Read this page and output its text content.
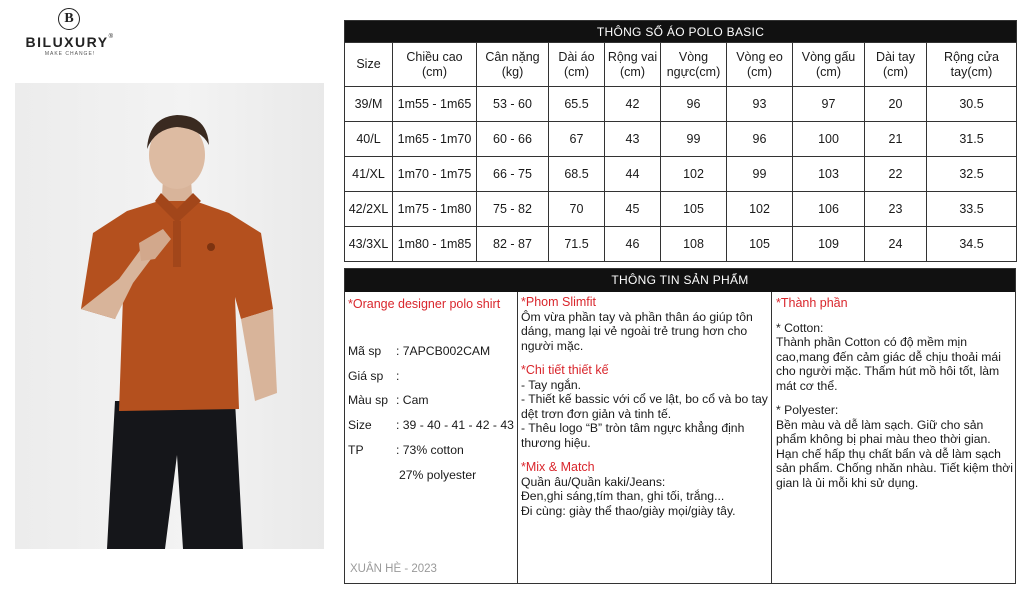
B
BILUXURY®
MAKE CHANGE!
THÔNG SỐ ÁO POLO BASIC									
Size	Chiều cao (cm)	Cân nặng (kg)	Dài áo (cm)	Rộng vai (cm)	Vòng ngực(cm)	Vòng eo (cm)	Vòng gấu (cm)	Dài tay (cm)	Rộng cửa tay(cm)
39/M	1m55 - 1m65	53 - 60	65.5	42	96	93	97	20	30.5
40/L	1m65 - 1m70	60 - 66	67	43	99	96	100	21	31.5
41/XL	1m70 - 1m75	66 - 75	68.5	44	102	99	103	22	32.5
42/2XL	1m75 - 1m80	75 - 82	70	45	105	102	106	23	33.5
43/3XL	1m80 - 1m85	82 - 87	71.5	46	108	105	109	24	34.5
THÔNG TIN SẢN PHẨM
*Orange designer polo shirt
Mã sp : 7APCB002CAM
Giá sp :
Màu sp : Cam
Size : 39 - 40 - 41 - 42 - 43
TP	: 73% cotton
27% polyester
XUÂN HÈ - 2023
*Phom Slimfit
Ôm vừa phần tay và phần thân áo giúp tôn dáng, mang lại vẻ ngoài trẻ trung hơn cho người mặc.
*Chi tiết thiết kế
- Tay ngắn.
- Thiết kế bassic với cổ ve lật, bo cổ và bo tay dệt trơn đơn giản và tinh tế.
- Thêu logo “B” tròn tâm ngực khẳng định thương hiệu.
*Mix & Match
Quần âu/Quần kaki/Jeans:
Đen,ghi sáng,tím than, ghi tối, trắng...
Đi cùng: giày thể thao/giày mọi/giày tây.
*Thành phần
* Cotton:
Thành phần Cotton có độ mềm mịn cao,mang đến cảm giác dễ chịu thoải mái cho người mặc. Thấm hút mồ hôi tốt, làm mát cơ thể.
* Polyester:
Bền màu và dễ làm sạch. Giữ cho sản phẩm không bị phai màu theo thời gian. Hạn chế hấp thụ chất bẩn và dễ làm sạch sản phẩm. Chống nhăn nhàu. Tiết kiệm thời gian là ủi mỗi khi sử dụng.
